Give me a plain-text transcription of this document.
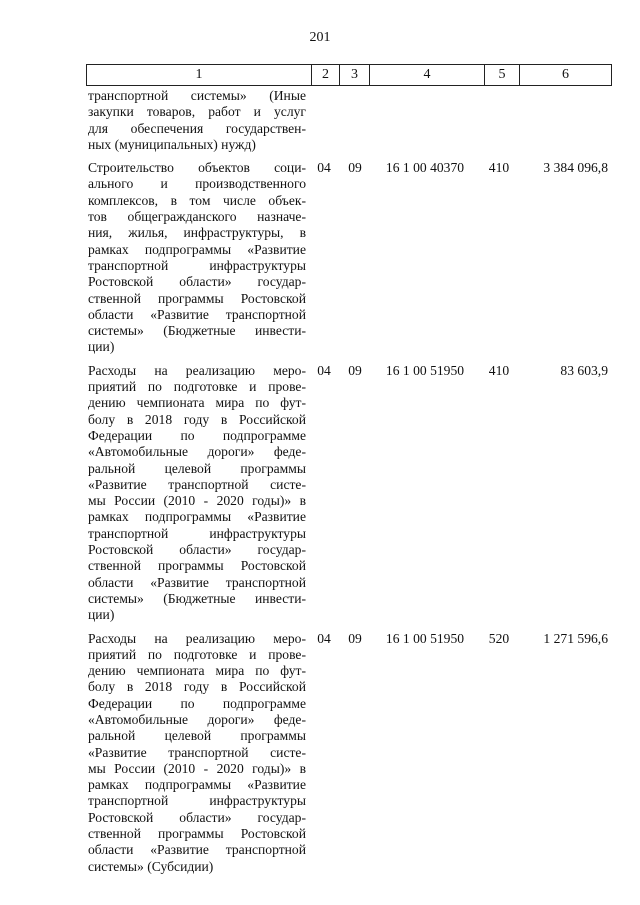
201
1	2	3	4	5	6
транспортной системы» (Иные
закупки товаров, работ и услуг
для обеспечения государствен-
ных (муниципальных) нужд)
Строительство объектов соци-
ального и производственного
комплексов, в том числе объек-
тов общегражданского назначе-
ния, жилья, инфраструктуры, в
рамках подпрограммы «Развитие
транспортной инфраструктуры
Ростовской области» государ-
ственной программы Ростовской
области «Развитие транспортной
системы» (Бюджетные инвести-
ции)
04	09	16 1 00 40370	410	3 384 096,8
Расходы на реализацию меро-
приятий по подготовке и прове-
дению чемпионата мира по фут-
болу в 2018 году в Российской
Федерации по подпрограмме
«Автомобильные дороги» феде-
ральной целевой программы
«Развитие транспортной систе-
мы России (2010 - 2020 годы)» в
рамках подпрограммы «Развитие
транспортной инфраструктуры
Ростовской области» государ-
ственной программы Ростовской
области «Развитие транспортной
системы» (Бюджетные инвести-
ции)
04	09	16 1 00 51950	410	83 603,9
Расходы на реализацию меро-
приятий по подготовке и прове-
дению чемпионата мира по фут-
болу в 2018 году в Российской
Федерации по подпрограмме
«Автомобильные дороги» феде-
ральной целевой программы
«Развитие транспортной систе-
мы России (2010 - 2020 годы)» в
рамках подпрограммы «Развитие
транспортной инфраструктуры
Ростовской области» государ-
ственной программы Ростовской
области «Развитие транспортной
системы» (Субсидии)
04	09	16 1 00 51950	520	1 271 596,6
